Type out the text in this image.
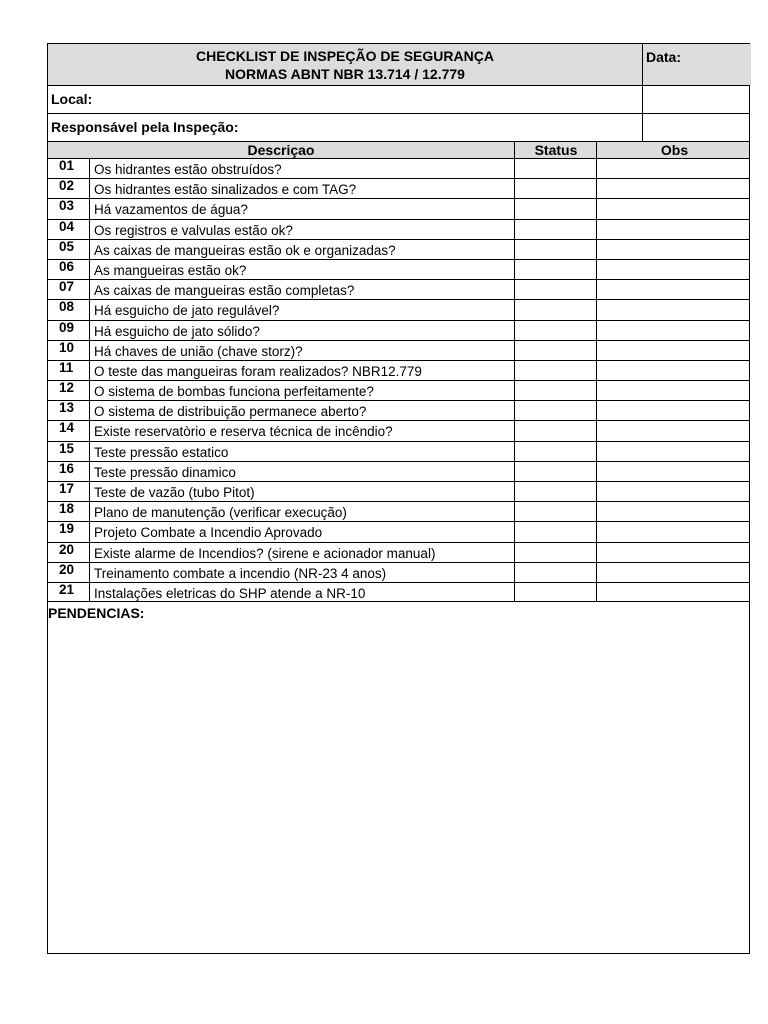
CHECKLIST DE INSPEÇÃO DE SEGURANÇA
NORMAS ABNT NBR 13.714 / 12.779
Data:
Local:
Responsável pela Inspeção:
Descriçao	Status	Obs
01	Os hidrantes estão obstruídos?
02	Os hidrantes estão sinalizados e com TAG?
03	Há vazamentos de água?
04	Os registros e valvulas estão ok?
05	As caixas de mangueiras estão ok e organizadas?
06	As mangueiras estão ok?
07	As caixas de mangueiras estão completas?
08	Há esguicho de jato regulável?
09	Há esguicho de jato sólido?
10	Há chaves de união (chave storz)?
11	O teste das mangueiras foram realizados? NBR12.779
12	O sistema de bombas funciona perfeitamente?
13	O sistema de distribuição permanece aberto?
14	Existe reservatòrio e reserva técnica de incêndio?
15	Teste pressão estatico
16	Teste pressão dinamico
17	Teste de vazão (tubo Pitot)
18	Plano de manutenção (verificar execução)
19	Projeto Combate a Incendio Aprovado
20	Existe alarme de Incendios? (sirene e acionador manual)
20	Treinamento combate a incendio (NR-23 4 anos)
21	Instalações eletricas do SHP atende a NR-10
PENDENCIAS:
